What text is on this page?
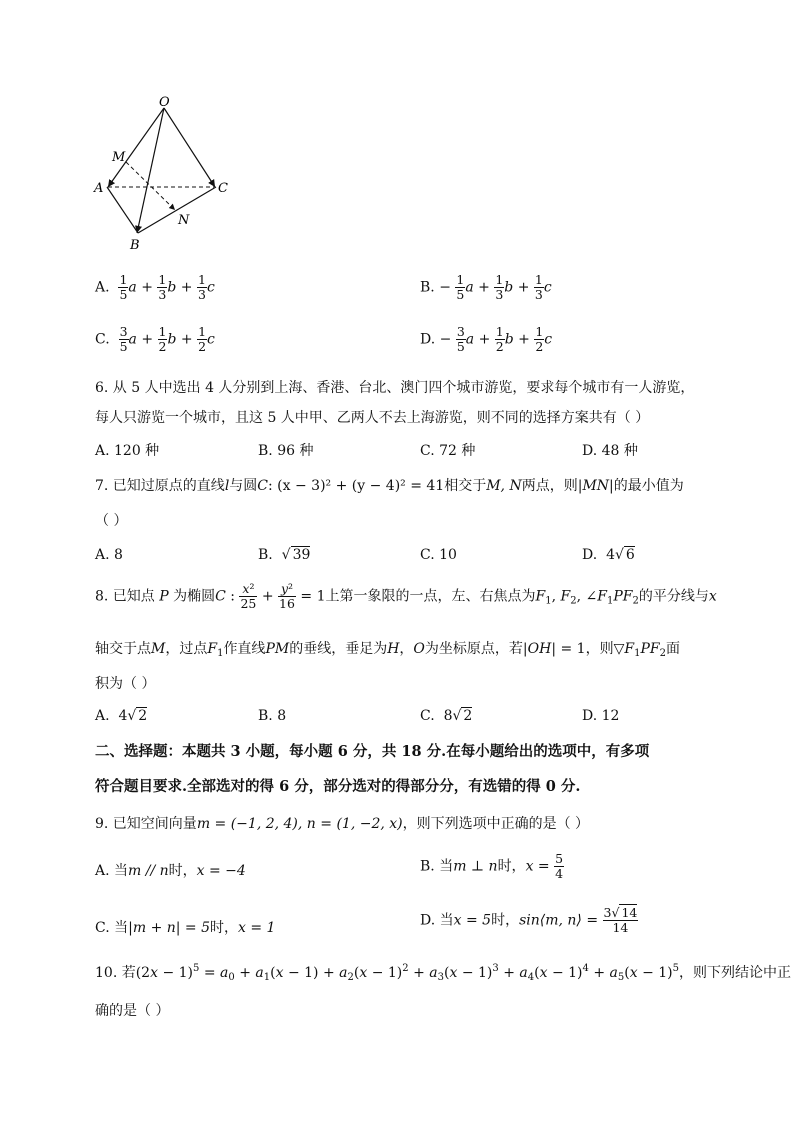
O
M
A	C
N
B
A. $\frac{1}{5}$ $a + \frac{1}{3}$ $b + \frac{1}{3}$ c	B. − $\frac{1}{5}$ $a + \frac{1}{3}$ $b + \frac{1}{3}$ c
C. $\frac{3}{5}$ $a + \frac{1}{2}$ $b + \frac{1}{2}$ c	D. − $\frac{3}{5}$ $a + \frac{1}{2}$ $b + \frac{1}{2}$ c
6. 从 5 人中选出 4 人分别到上海、香港、台北、澳门四个城市游览，要求每个城市有一人游览，
每人只游览一个城市，且这 5 人中甲、乙两人不去上海游览，则不同的选择方案共有（ ）
A. 120 种	B. 96 种	C. 72 种	D. 48 种
7. 已知过原点的直线l与圆C: (x − 3)² + (y − 4)² = 41相交于M, N两点，则|MN|的最小值为
（ ）
A. 8	B.  √ 39	C. 10	D.  4√ 6
8. 已知点 P 为椭圆C : $\frac{\text{x²}}{25} + \frac{\text{y²}}{16} = 1$上第一象限的一点，左、右焦点为$F_1$, $F_2$, $\angle F_1PF_2$的平分线与x
轴交于点M，过点$F_1$作直线PM的垂线，垂足为H，O为坐标原点，若|OH| = 1，则$▽F_1PF_2$面
积为（ ）
A.  4√ 2	B. 8	C.  8√ 2	D. 12
二、选择题：本题共 3 小题，每小题 6 分，共 18 分.在每小题给出的选项中，有多项
符合题目要求.全部选对的得 6 分，部分选对的得部分分，有选错的得 0 分.
9. 已知空间向量m = (−1, 2, 4), n = (1, −2, x)，则下列选项中正确的是（ ）
A. 当m // n时，x = −4	B. 当m ⊥ n时，$x = \frac{5}{4}$
C. 当|m + n| = 5时，x = 1	D. 当x = 5时，sin⟨m, n⟩ = $\frac{3√ 14}{14}$
10. 若$(2x - 1)^5 = a_0 + a_1(x - 1) + a_2(x - 1)^2 + a_3(x - 1)^3 + a_4(x - 1)^4 + a_5(x - 1)^5$，则下列结论中正
确的是（ ）
